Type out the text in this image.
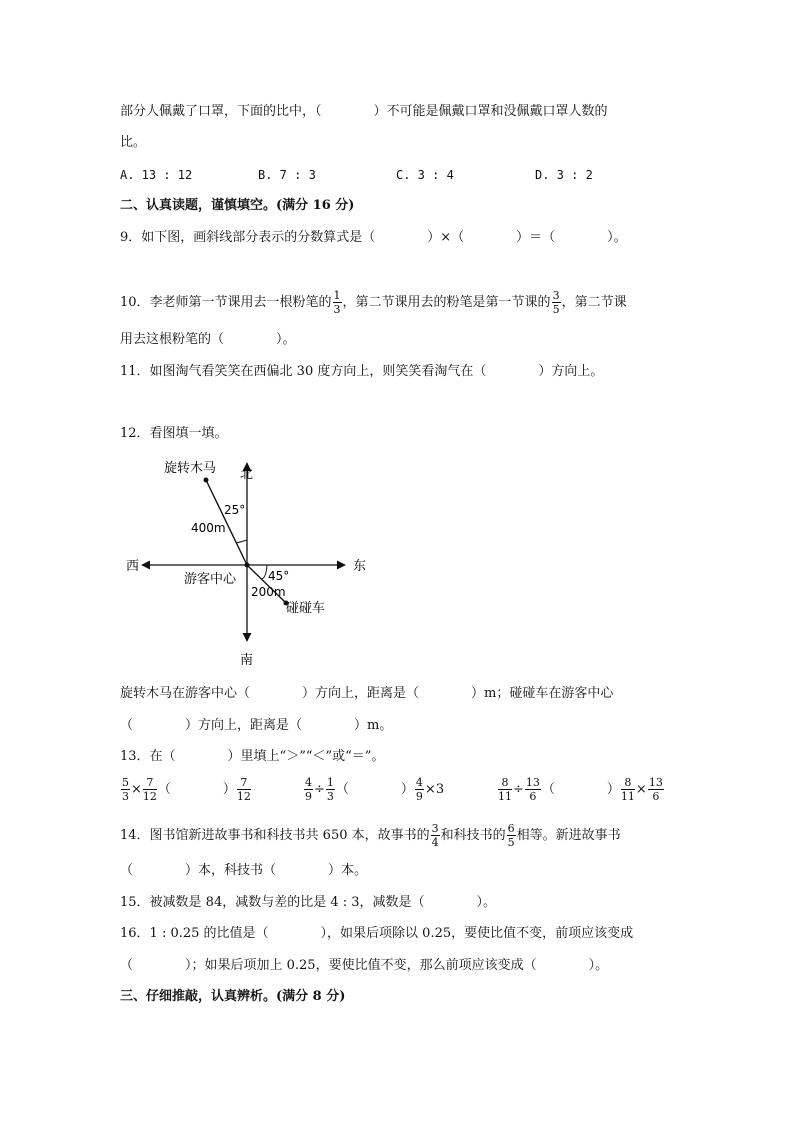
部分人佩戴了口罩，下面的比中，（　　　　）不可能是佩戴口罩和没佩戴口罩人数的
比。
A. 13 : 12	B. 7 : 3	C. 3 : 4	D. 3 : 2
二、认真读题，谨慎填空。(满分 16 分)
9．如下图，画斜线部分表示的分数算式是（　　　　）×（　　　　）＝（　　　　）。
10．李老师第一节课用去一根粉笔的 $\frac{1}{3}$ ，第二节课用去的粉笔是第一节课的 $\frac{3}{5}$ ，第二节课
用去这根粉笔的（　　　　）。
11．如图淘气看笑笑在西偏北 30 度方向上，则笑笑看淘气在（　　　　）方向上。
12．看图填一填。
北
南
东
西
旋转木马
碰碰车
游客中心
400m
200m
25°
45°
旋转木马在游客中心（　　　　）方向上，距离是（　　　　）m；碰碰车在游客中心
（　　　　）方向上，距离是（　　　　）m。
13．在（　　　　）里填上“＞”“＜”或“＝”。
$\frac{5}{3} \times \frac{7}{12}$ （　　　　） $\frac{7}{12}$	$\frac{4}{9} \div \frac{1}{3}$ （　　　　） $\frac{4}{9} \times 3$	$\frac{8}{11} \div \frac{13}{6}$ （　　　　） $\frac{8}{11} \times \frac{13}{6}$
14．图书馆新进故事书和科技书共 650 本，故事书的 $\frac{3}{4}$ 和科技书的 $\frac{6}{5}$ 相等。新进故事书
（　　　　）本，科技书（　　　　）本。
15．被减数是 84，减数与差的比是 4 : 3，减数是（　　　　）。
16．1 : 0.25 的比值是（　　　　），如果后项除以 0.25，要使比值不变，前项应该变成
（　　　　）；如果后项加上 0.25，要使比值不变，那么前项应该变成（　　　　）。
三、仔细推敲，认真辨析。(满分 8 分)
